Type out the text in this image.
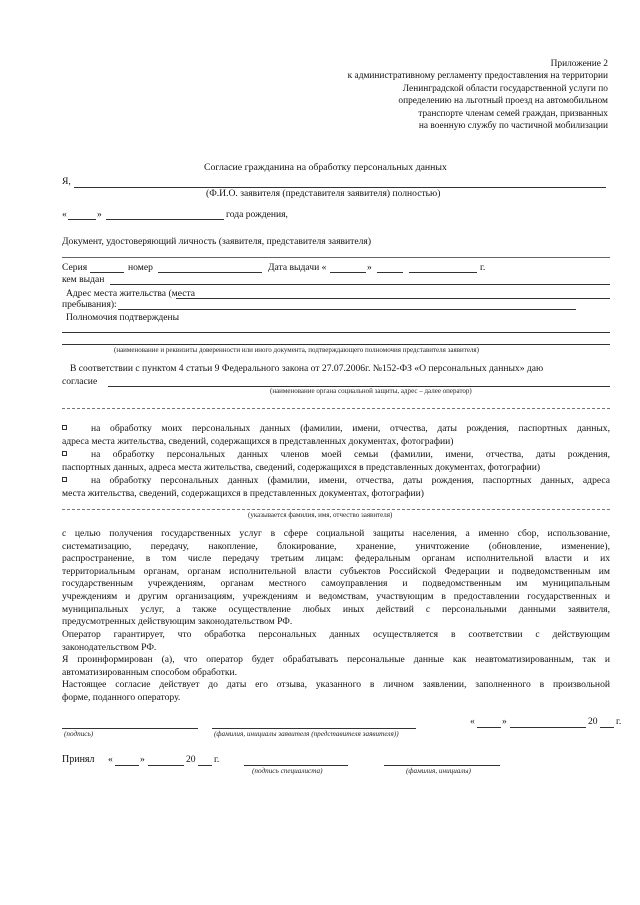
Приложение 2
к административному регламенту предоставления на территории
Ленинградской области государственной услуги по
определению на льготный проезд на автомобильном
транспорте членам семей граждан, призванных
на военную службу по частичной мобилизации
Согласие гражданина на обработку персональных данных
Я,
(Ф.И.О. заявителя (представителя заявителя) полностью)
«	»	года рождения,
Документ, удостоверяющий личность (заявителя, представителя заявителя)
Серия	номер	Дата выдачи «	»	г.
кем выдан
Адрес места жительства (места
пребывания):
Полномочия подтверждены
(наименование и реквизиты доверенности или иного документа, подтверждающего полномочия представителя заявителя)
В соответствии с пунктом 4 статьи 9 Федерального закона от 27.07.2006г. №152-ФЗ «О персональных данных» даю
согласие
(наименование органа социальной защиты, адрес – далее оператор)
на обработку моих персональных данных (фамилии, имени, отчества, даты рождения, паспортных данных,
адреса места жительства, сведений, содержащихся в представленных документах, фотографии)
на обработку персональных данных членов моей семьи (фамилии, имени, отчества, даты рождения,
паспортных данных, адреса места жительства, сведений, содержащихся в представленных документах, фотографии)
на обработку персональных данных (фамилии, имени, отчества, даты рождения, паспортных данных, адреса
места жительства, сведений, содержащихся в представленных документах, фотографии)
(указывается фамилия, имя, отчество заявителя)
с целью получения государственных услуг в сфере социальной защиты населения, а именно сбор, использование,
систематизацию, передачу, накопление, блокирование, хранение, уничтожение (обновление, изменение),
распространение, в том числе передачу третьим лицам: федеральным органам исполнительной власти и их
территориальным органам, органам исполнительной власти субъектов Российской Федерации и подведомственным им
государственным учреждениям, органам местного самоуправления и подведомственным им муниципальным
учреждениям и другим организациям, учреждениям и ведомствам, участвующим в предоставлении государственных и
муниципальных услуг, а также осуществление любых иных действий с персональными данными заявителя,
предусмотренных действующим законодательством РФ.
Оператор гарантирует, что обработка персональных данных осуществляется в соответствии с действующим
законодательством РФ.
Я проинформирован (а), что оператор будет обрабатывать персональные данные как неавтоматизированным, так и
автоматизированным способом обработки.
Настоящее согласие действует до даты его отзыва, указанного в личном заявлении, заполненного в произвольной
форме, поданного оператору.
(подпись)	(фамилия, инициалы заявителя (представителя заявителя))
«	»	20 г.
Принял «	»	20 г.
(подпись специалиста)	(фамилия, инициалы)
